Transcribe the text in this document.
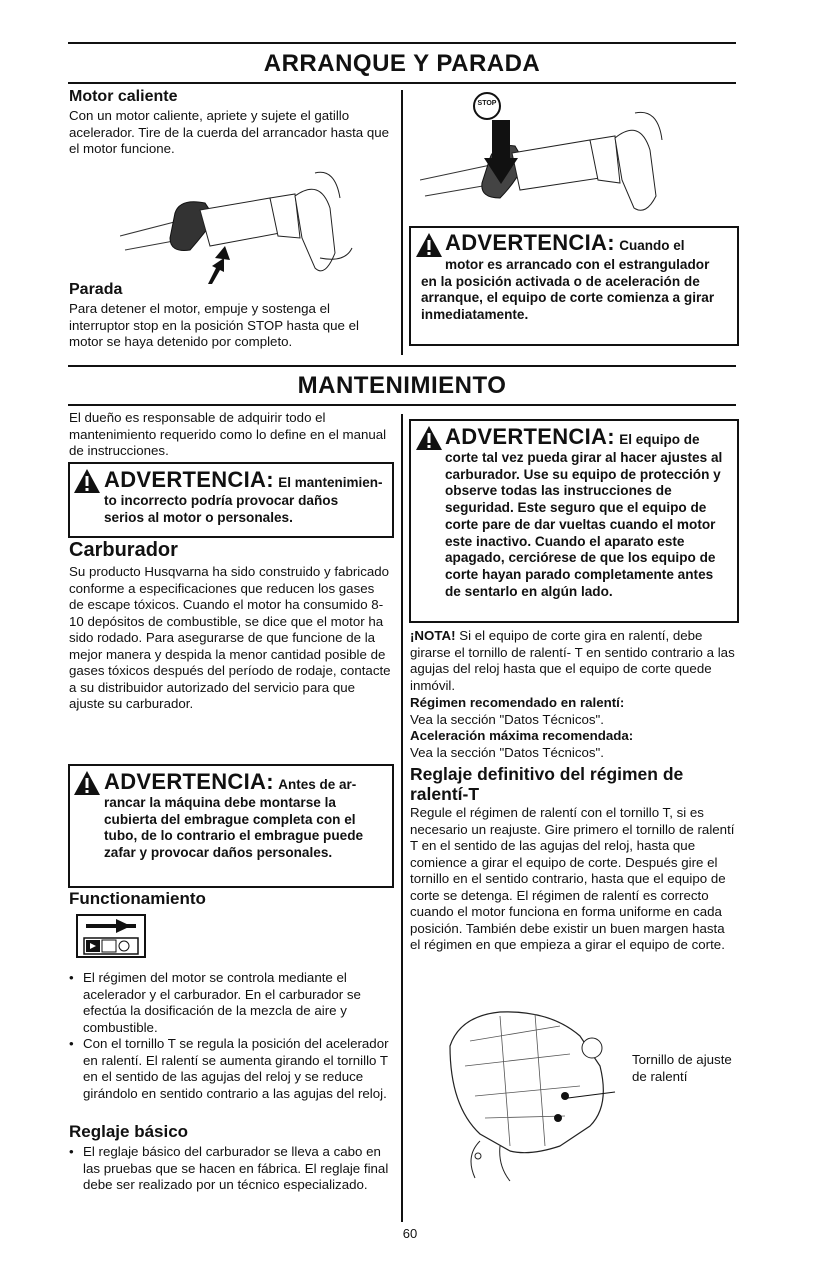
ARRANQUE Y PARADA

Motor caliente

Con un motor caliente, apriete y sujete el gatillo acelerador. Tire de la cuerda del arrancador hasta que el motor funcione.

Parada

Para detener el motor, empuje y sostenga el interruptor stop en la posición STOP hasta que el motor se haya detenido por completo.

STOP
ADVERTENCIA: Cuando el
motor es arrancado con el estrangulador en la posición activada o de aceleración de arranque, el equipo de corte comienza a girar inmediatamente.
MANTENIMIENTO

El dueño es responsable de adquirir todo el mantenimiento requerido como lo define en el manual de instrucciones.

ADVERTENCIA: El mantenimien-
to incorrecto podría provocar daños serios al motor o personales.

Carburador

Su producto Husqvarna ha sido construido y fabricado conforme a especificaciones que reducen los gases de escape tóxicos. Cuando el motor ha consumido 8-10 depósitos de combustible, se dice que el motor ha sido rodado. Para asegurarse de que funcione de la mejor manera y despida la menor cantidad posible de gases tóxicos después del período de rodaje, contacte a su distribuidor autorizado del servicio para que ajuste su carburador.

ADVERTENCIA: Antes de ar-
rancar la máquina debe montarse la cubierta del embrague completa con el tubo, de lo contrario el embrague puede zafar y provocar daños personales.

Functionamiento

• El régimen del motor se controla mediante el acelerador y el carburador. En el carburador se efectúa la dosificación de la mezcla de aire y combustible.
• Con el tornillo T se regula la posición del acelerador en ralentí. El ralentí se aumenta girando el tornillo T en el sentido de las agujas del reloj y se reduce girándolo en sentido contrario a las agujas del reloj.

Reglaje básico

• El reglaje básico del carburador se lleva a cabo en las pruebas que se hacen en fábrica. El reglaje final debe ser realizado por un técnico especializado.
ADVERTENCIA: El equipo de
corte tal vez pueda girar al hacer ajustes al carburador. Use su equipo de protección y observe todas las instrucciones de seguridad. Este seguro que el equipo de corte pare de dar vueltas cuando el motor este inactivo. Cuando el aparato este apagado, cerciórese de que los equipo de corte hayan parado completamente antes de sentarlo en algún lado.

¡NOTA! Si el equipo de corte gira en ralentí, debe girarse el tornillo de ralentí- T en sentido contrario a las agujas del reloj hasta que el equipo de corte quede inmóvil.

Régimen recomendado en ralentí:

Vea la sección "Datos Técnicos".

Aceleración máxima recomendada:

Vea la sección "Datos Técnicos".

Reglaje definitivo del régimen de ralentí-T

Regule el régimen de ralentí con el tornillo T, si es necesario un reajuste. Gire primero el tornillo de ralentí T en el sentido de las agujas del reloj, hasta que comience a girar el equipo de corte. Después gire el tornillo en el sentido contrario, hasta que el equipo de corte se detenga. El régimen de ralentí es correcto cuando el motor funciona en forma uniforme en cada posición. También debe existir un buen margen hasta el régimen en que empieza a girar el equipo de corte.

Tornillo de ajuste de ralentí
60
